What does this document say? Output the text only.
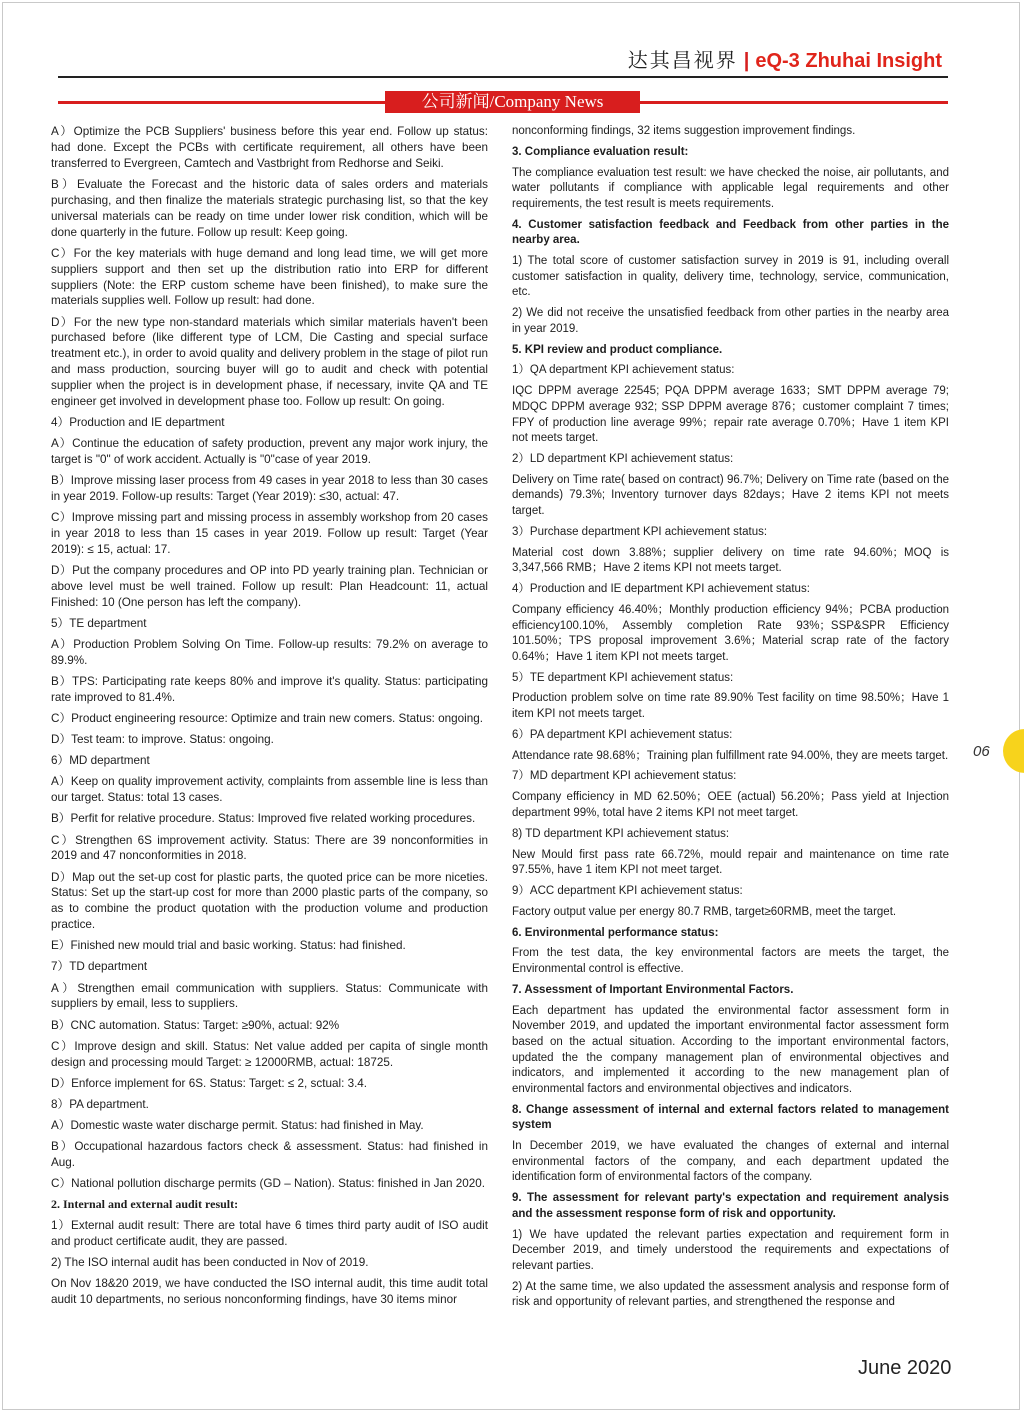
达其昌视界 | eQ-3 Zhuhai Insight
公司新闻/Company News

A）Optimize the PCB Suppliers' business before this year end. Follow up status: had done. Except the PCBs with certificate requirement, all others have been transferred to Evergreen, Camtech and Vastbright from Redhorse and Seiki.

B）Evaluate the Forecast and the historic data of sales orders and materials purchasing, and then finalize the materials strategic purchasing list, so that the key universal materials can be ready on time under lower risk condition, which will be done quarterly in the future. Follow up result: Keep going.

C）For the key materials with huge demand and long lead time, we will get more suppliers support and then set up the distribution ratio into ERP for different suppliers (Note: the ERP custom scheme have been finished), to make sure the materials supplies well. Follow up result: had done.

D）For the new type non-standard materials which similar materials haven't been purchased before (like different type of LCM, Die Casting and special surface treatment etc.), in order to avoid quality and delivery problem in the stage of pilot run and mass production, sourcing buyer will go to audit and check with potential supplier when the project is in development phase, if necessary, invite QA and TE engineer get involved in development phase too. Follow up result: On going.

4）Production and IE department

A）Continue the education of safety production, prevent any major work injury, the target is "0" of work accident. Actually is "0"case of year 2019.

B）Improve missing laser process from 49 cases in year 2018 to less than 30 cases in year 2019. Follow-up results: Target (Year 2019): ≤30, actual: 47.

C）Improve missing part and missing process in assembly workshop from 20 cases in year 2018 to less than 15 cases in year 2019. Follow up result: Target (Year 2019): ≤ 15, actual: 17.

D）Put the company procedures and OP into PD yearly training plan. Technician or above level must be well trained. Follow up result: Plan Headcount: 11, actual Finished: 10 (One person has left the company).

5）TE department

A）Production Problem Solving On Time. Follow-up results: 79.2% on average to 89.9%.

B）TPS: Participating rate keeps 80% and improve it's quality. Status: participating rate improved to 81.4%.

C）Product engineering resource: Optimize and train new comers. Status: ongoing.

D）Test team: to improve. Status: ongoing.

6）MD department

A）Keep on quality improvement activity, complaints from assemble line is less than our target. Status: total 13 cases.

B）Perfit for relative procedure. Status: Improved five related working procedures.

C）Strengthen 6S improvement activity. Status: There are 39 nonconformities in 2019 and 47 nonconformities in 2018.

D）Map out the set-up cost for plastic parts, the quoted price can be more niceties. Status: Set up the start-up cost for more than 2000 plastic parts of the company, so as to combine the product quotation with the production volume and production practice.

E）Finished new mould trial and basic working. Status: had finished.

7）TD department

A）Strengthen email communication with suppliers. Status: Communicate with suppliers by email, less to suppliers.

B）CNC automation. Status: Target: ≥90%, actual: 92%

C）Improve design and skill. Status: Net value added per capita of single month design and processing mould Target: ≥ 12000RMB, actual: 18725.

D）Enforce implement for 6S. Status: Target: ≤ 2, sctual: 3.4.

8）PA department.

A）Domestic waste water discharge permit. Status: had finished in May.

B）Occupational hazardous factors check & assessment. Status: had finished in Aug.

C）National pollution discharge permits (GD – Nation). Status: finished in Jan 2020.

2. Internal and external audit result:

1）External audit result: There are total have 6 times third party audit of ISO audit and product certificate audit, they are passed.

2) The ISO internal audit has been conducted in Nov of 2019.

On Nov 18&20 2019, we have conducted the ISO internal audit, this time audit total audit 10 departments, no serious nonconforming findings, have 30 items minor

nonconforming findings, 32 items suggestion improvement findings.

3. Compliance evaluation result:

The compliance evaluation test result: we have checked the noise, air pollutants, and water pollutants if compliance with applicable legal requirements and other requirements, the test result is meets requirements.

4. Customer satisfaction feedback and Feedback from other parties in the nearby area.

1) The total score of customer satisfaction survey in 2019 is 91, including overall customer satisfaction in quality, delivery time, technology, service, communication, etc.

2) We did not receive the unsatisfied feedback from other parties in the nearby area in year 2019.

5. KPI review and product compliance.

1）QA department KPI achievement status:

IQC DPPM average 22545; PQA DPPM average 1633；SMT DPPM average 79; MDQC DPPM average 932; SSP DPPM average 876；customer complaint 7 times; FPY of production line average 99%；repair rate average 0.70%；Have 1 item KPI not meets target.

2）LD department KPI achievement status:

Delivery on Time rate( based on contract) 96.7%; Delivery on Time rate (based on the demands) 79.3%; Inventory turnover days 82days；Have 2 items KPI not meets target.

3）Purchase department KPI achievement status:

Material cost down 3.88%；supplier delivery on time rate 94.60%；MOQ is 3,347,566 RMB；Have 2 items KPI not meets target.

4）Production and IE department KPI achievement status:

Company efficiency 46.40%；Monthly production efficiency 94%；PCBA production efficiency100.10%, Assembly completion Rate 93%；SSP&SPR Efficiency 101.50%；TPS proposal improvement 3.6%；Material scrap rate of the factory 0.64%；Have 1 item KPI not meets target.

5）TE department KPI achievement status:

Production problem solve on time rate 89.90% Test facility on time 98.50%；Have 1 item KPI not meets target.

6）PA department KPI achievement status:

Attendance rate 98.68%；Training plan fulfillment rate 94.00%, they are meets target.

7）MD department KPI achievement status:

Company efficiency in MD 62.50%；OEE (actual) 56.20%；Pass yield at Injection department 99%, total have 2 items KPI not meet target.

8) TD department KPI achievement status:

New Mould first pass rate 66.72%, mould repair and maintenance on time rate 97.55%, have 1 item KPI not meet target.

9）ACC department KPI achievement status:

Factory output value per energy 80.7 RMB, target≥60RMB, meet the target.

6. Environmental performance status:

From the test data, the key environmental factors are meets the target, the Environmental control is effective.

7. Assessment of Important Environmental Factors.

Each department has updated the environmental factor assessment form in November 2019, and updated the important environmental factor assessment form based on the actual situation. According to the important environmental factors, updated the the company management plan of environmental objectives and indicators, and implemented it according to the new management plan of environmental factors and environmental objectives and indicators.

8. Change assessment of internal and external factors related to management system

In December 2019, we have evaluated the changes of external and internal environmental factors of the company, and each department updated the identification form of environmental factors of the company.

9. The assessment for relevant party's expectation and requirement analysis and the assessment response form of risk and opportunity.

1) We have updated the relevant parties expectation and requirement form in December 2019, and timely understood the requirements and expectations of relevant parties.

2) At the same time, we also updated the assessment analysis and response form of risk and opportunity of relevant parties, and strengthened the response and

06
June 2020
